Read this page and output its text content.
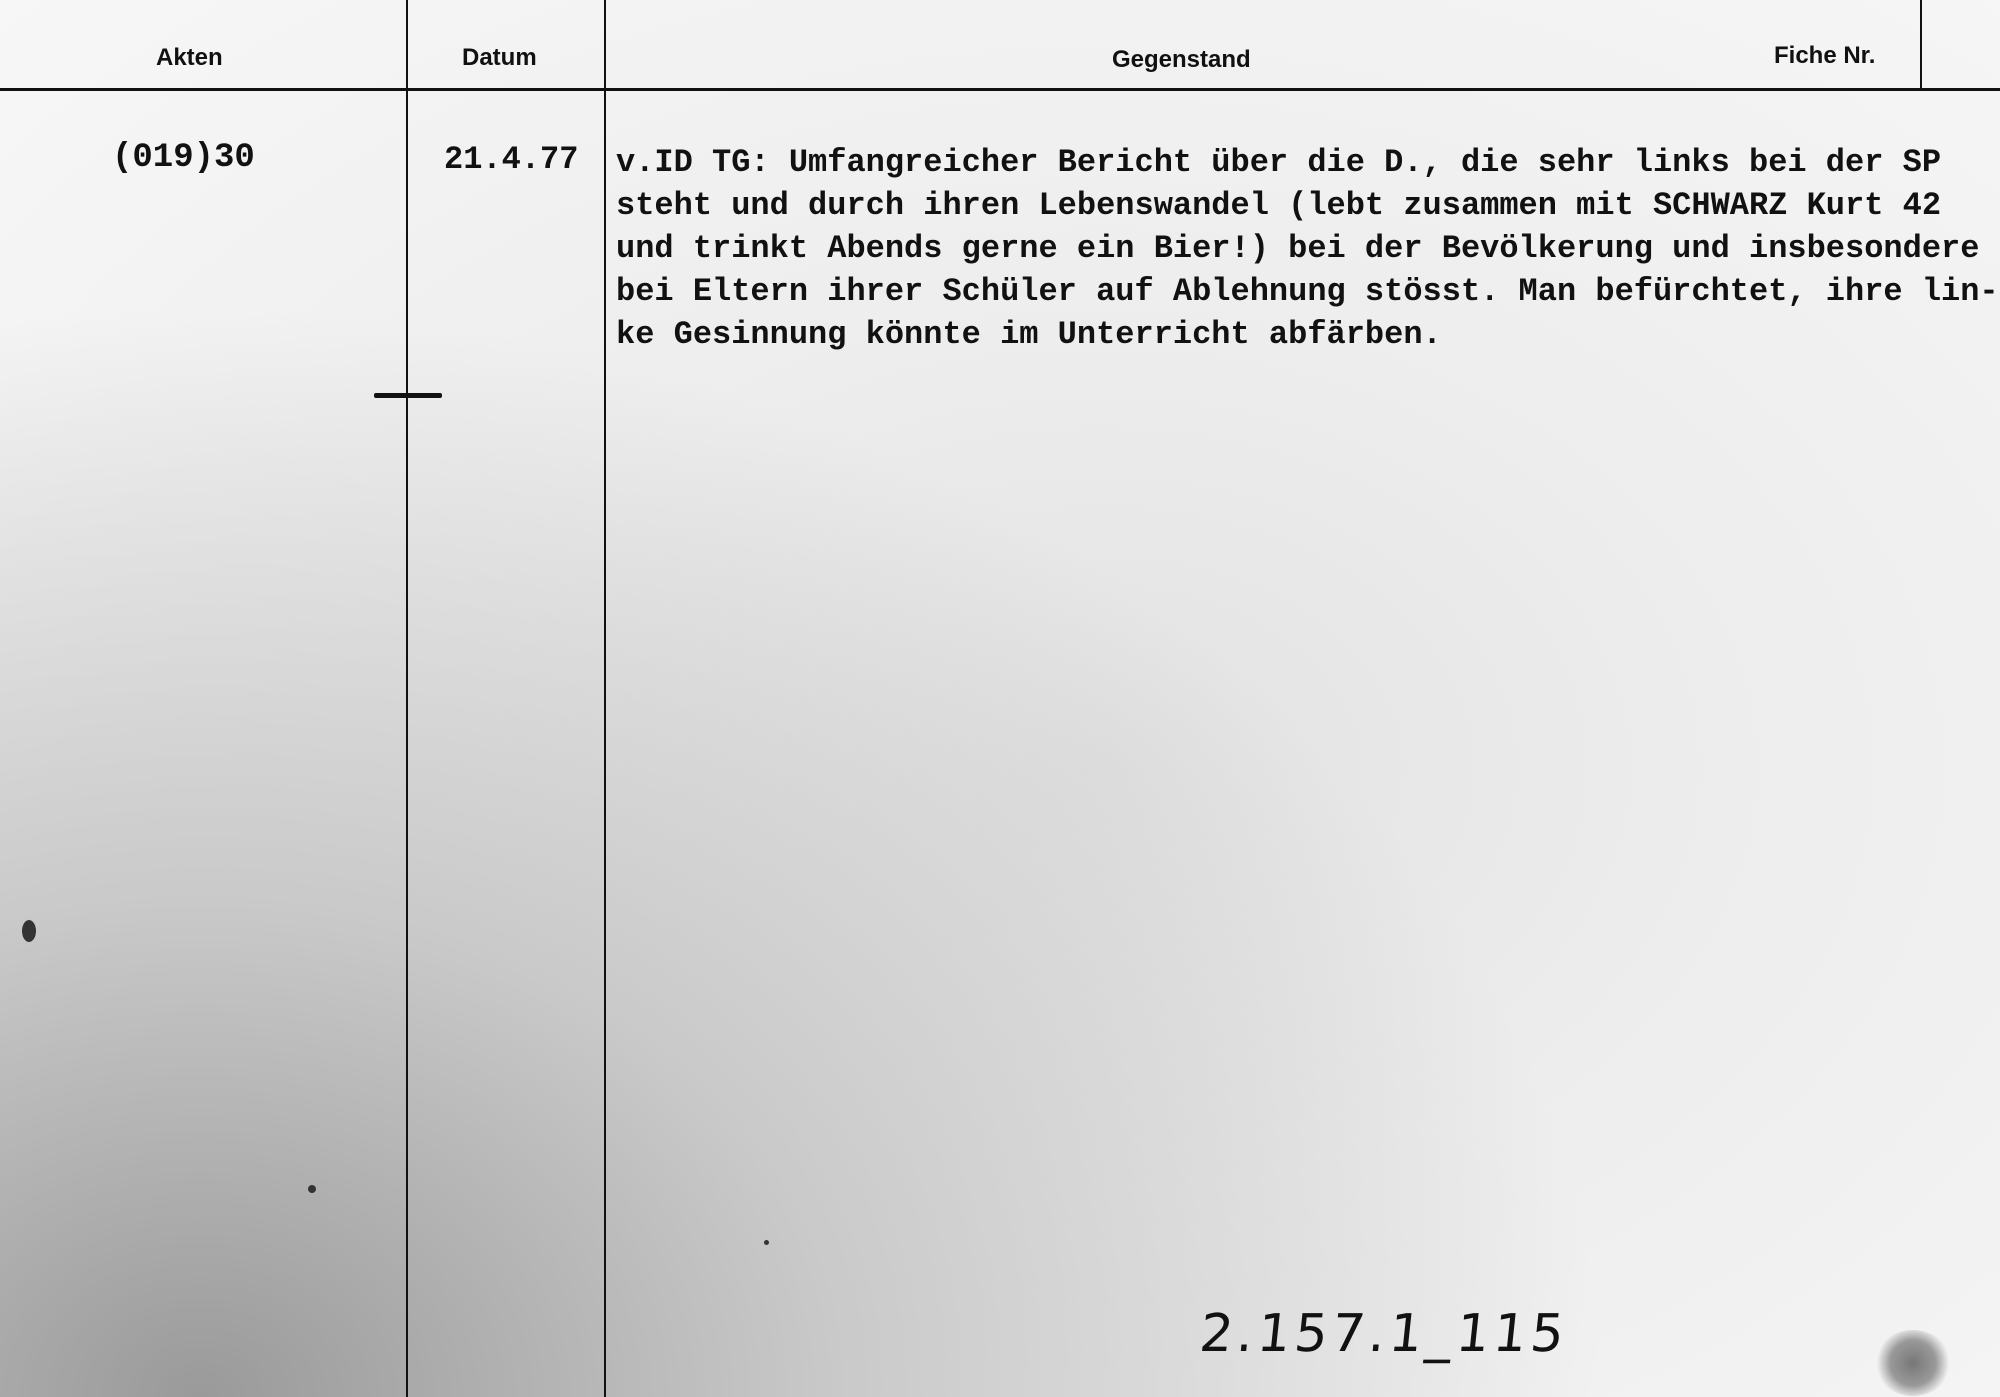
Akten	Datum	Gegenstand	Fiche Nr.
(019)30	21.4.77 v.ID TG: Umfangreicher Bericht über die D., die sehr links bei der SP
steht und durch ihren Lebenswandel (lebt zusammen mit SCHWARZ Kurt 42
und trinkt Abends gerne ein Bier!) bei der Bevölkerung und insbesondere
bei Eltern ihrer Schüler auf Ablehnung stösst. Man befürchtet, ihre lin-
ke Gesinnung könnte im Unterricht abfärben.
2.157.1_115
